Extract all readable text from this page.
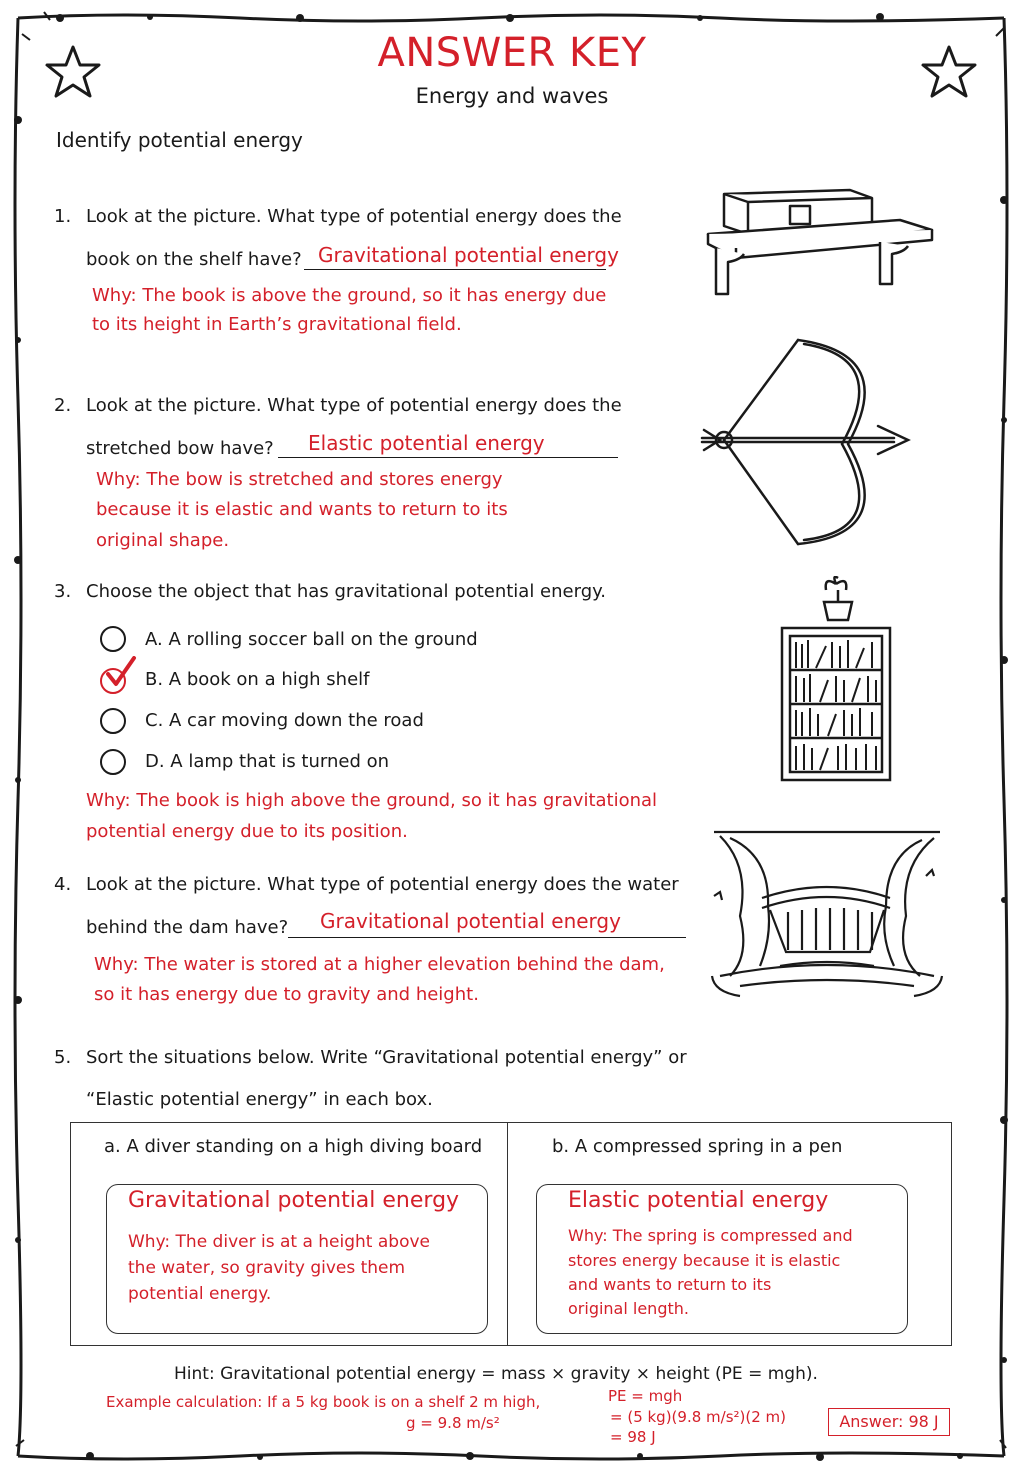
ANSWER KEY
Energy and waves
Identify potential energy
1. Look at the picture. What type of potential energy does the
book on the shelf have? Gravitational potential energy
Why: The book is above the ground, so it has energy due
to its height in Earth’s gravitational field.
2. Look at the picture. What type of potential energy does the
stretched bow have? Elastic potential energy
Why: The bow is stretched and stores energy
because it is elastic and wants to return to its
original shape.
3. Choose the object that has gravitational potential energy.
A. A rolling soccer ball on the ground
B. A book on a high shelf
C. A car moving down the road
D. A lamp that is turned on
Why: The book is high above the ground, so it has gravitational
potential energy due to its position.
4. Look at the picture. What type of potential energy does the water
behind the dam have? Gravitational potential energy
Why: The water is stored at a higher elevation behind the dam,
so it has energy due to gravity and height.
5. Sort the situations below. Write “Gravitational potential energy” or
“Elastic potential energy” in each box.
a. A diver standing on a high diving board
Gravitational potential energy
Why: The diver is at a height above
the water, so gravity gives them
potential energy.
b. A compressed spring in a pen
Elastic potential energy
Why: The spring is compressed and
stores energy because it is elastic
and wants to return to its
original length.
Hint: Gravitational potential energy = mass × gravity × height (PE = mgh).
Example calculation: If a 5 kg book is on a shelf 2 m high,
g = 9.8 m/s²
PE = mgh
= (5 kg)(9.8 m/s²)(2 m)
= 98 J
Answer: 98 J
